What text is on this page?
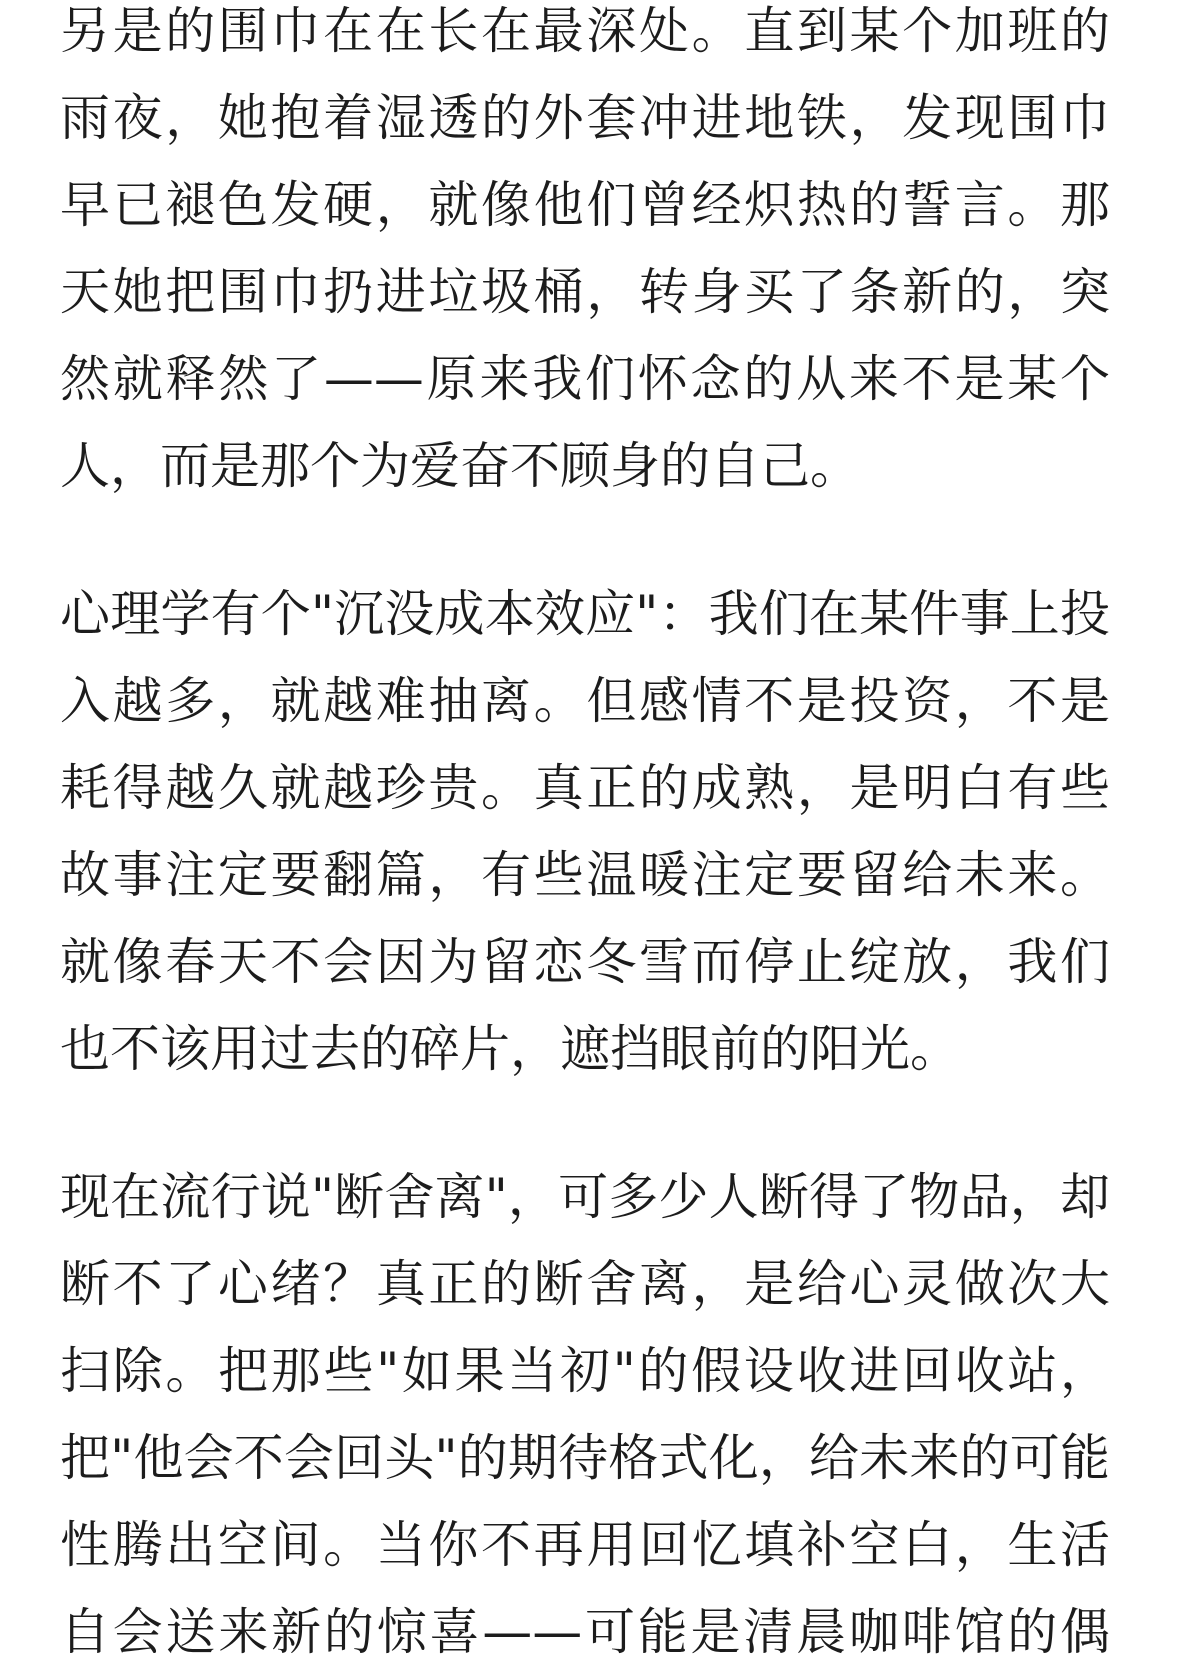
另是的围巾在在长在最深处。直到某个加班的
雨夜，她抱着湿透的外套冲进地铁，发现围巾
早已褪色发硬，就像他们曾经炽热的誓言。那
天她把围巾扔进垃圾桶，转身买了条新的，突
然就释然了——原来我们怀念的从来不是某个
人，而是那个为爱奋不顾身的自己。
心理学有个"沉没成本效应"：我们在某件事上投
入越多，就越难抽离。但感情不是投资，不是
耗得越久就越珍贵。真正的成熟，是明白有些
故事注定要翻篇，有些温暖注定要留给未来。
就像春天不会因为留恋冬雪而停止绽放，我们
也不该用过去的碎片，遮挡眼前的阳光。
现在流行说"断舍离"，可多少人断得了物品，却
断不了心绪？真正的断舍离，是给心灵做次大
扫除。把那些"如果当初"的假设收进回收站，
把"他会不会回头"的期待格式化，给未来的可能
性腾出空间。当你不再用回忆填补空白，生活
自会送来新的惊喜——可能是清晨咖啡馆的偶
